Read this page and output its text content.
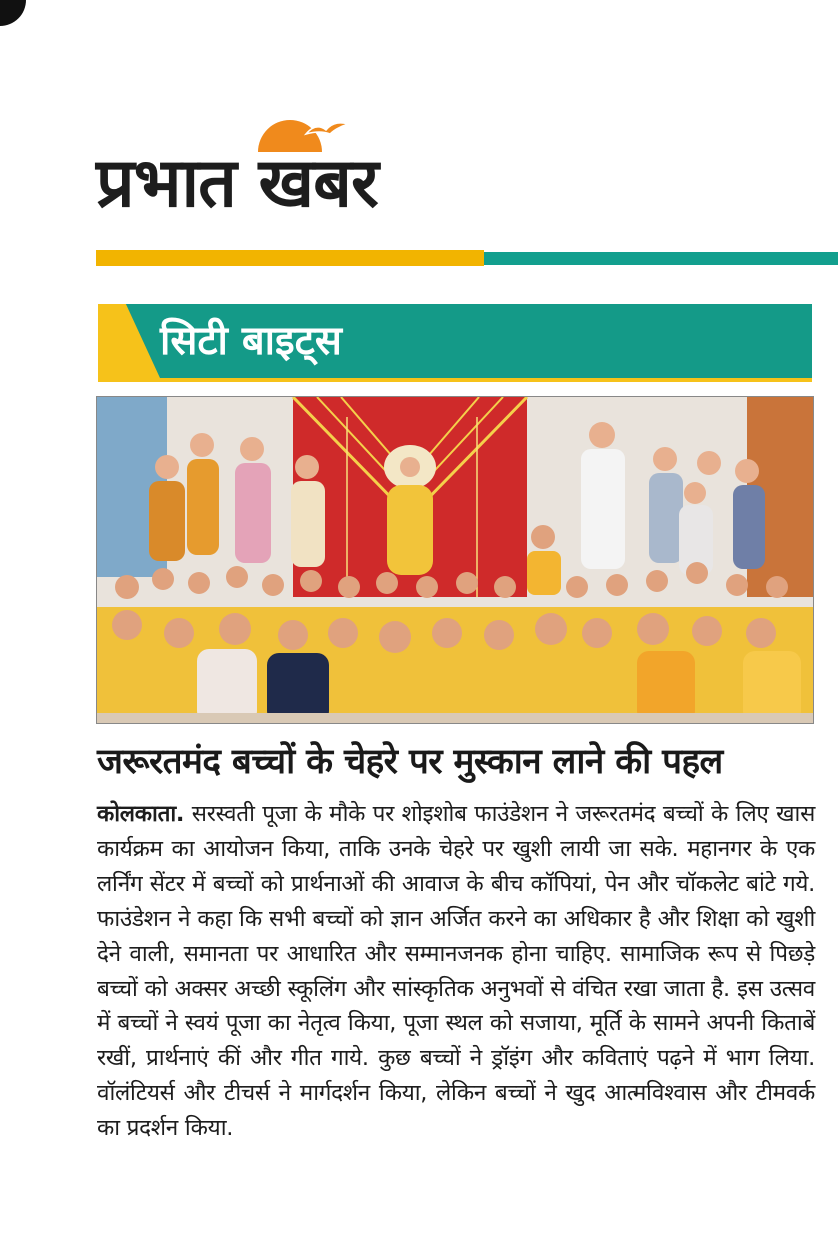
प्रभात खबर
सिटी बाइट्स
जरूरतमंद बच्चों के चेहरे पर मुस्कान लाने की पहल
कोलकाता. सरस्वती पूजा के मौके पर शोइशोब फाउंडेशन ने जरूरतमंद बच्चों के लिए खास कार्यक्रम का आयोजन किया, ताकि उनके चेहरे पर खुशी लायी जा सके. महानगर के एक लर्निंग सेंटर में बच्चों को प्रार्थनाओं की आवाज के बीच कॉपियां, पेन और चॉकलेट बांटे गये. फाउंडेशन ने कहा कि सभी बच्चों को ज्ञान अर्जित करने का अधिकार है और शिक्षा को खुशी देने वाली, समानता पर आधारित और सम्मानजनक होना चाहिए. सामाजिक रूप से पिछड़े बच्चों को अक्सर अच्छी स्कूलिंग और सांस्कृतिक अनुभवों से वंचित रखा जाता है. इस उत्सव में बच्चों ने स्वयं पूजा का नेतृत्व किया, पूजा स्थल को सजाया, मूर्ति के सामने अपनी किताबें रखीं, प्रार्थनाएं कीं और गीत गाये. कुछ बच्चों ने ड्रॉइंग और कविताएं पढ़ने में भाग लिया. वॉलंटियर्स और टीचर्स ने मार्गदर्शन किया, लेकिन बच्चों ने खुद आत्मविश्वास और टीमवर्क का प्रदर्शन किया.
